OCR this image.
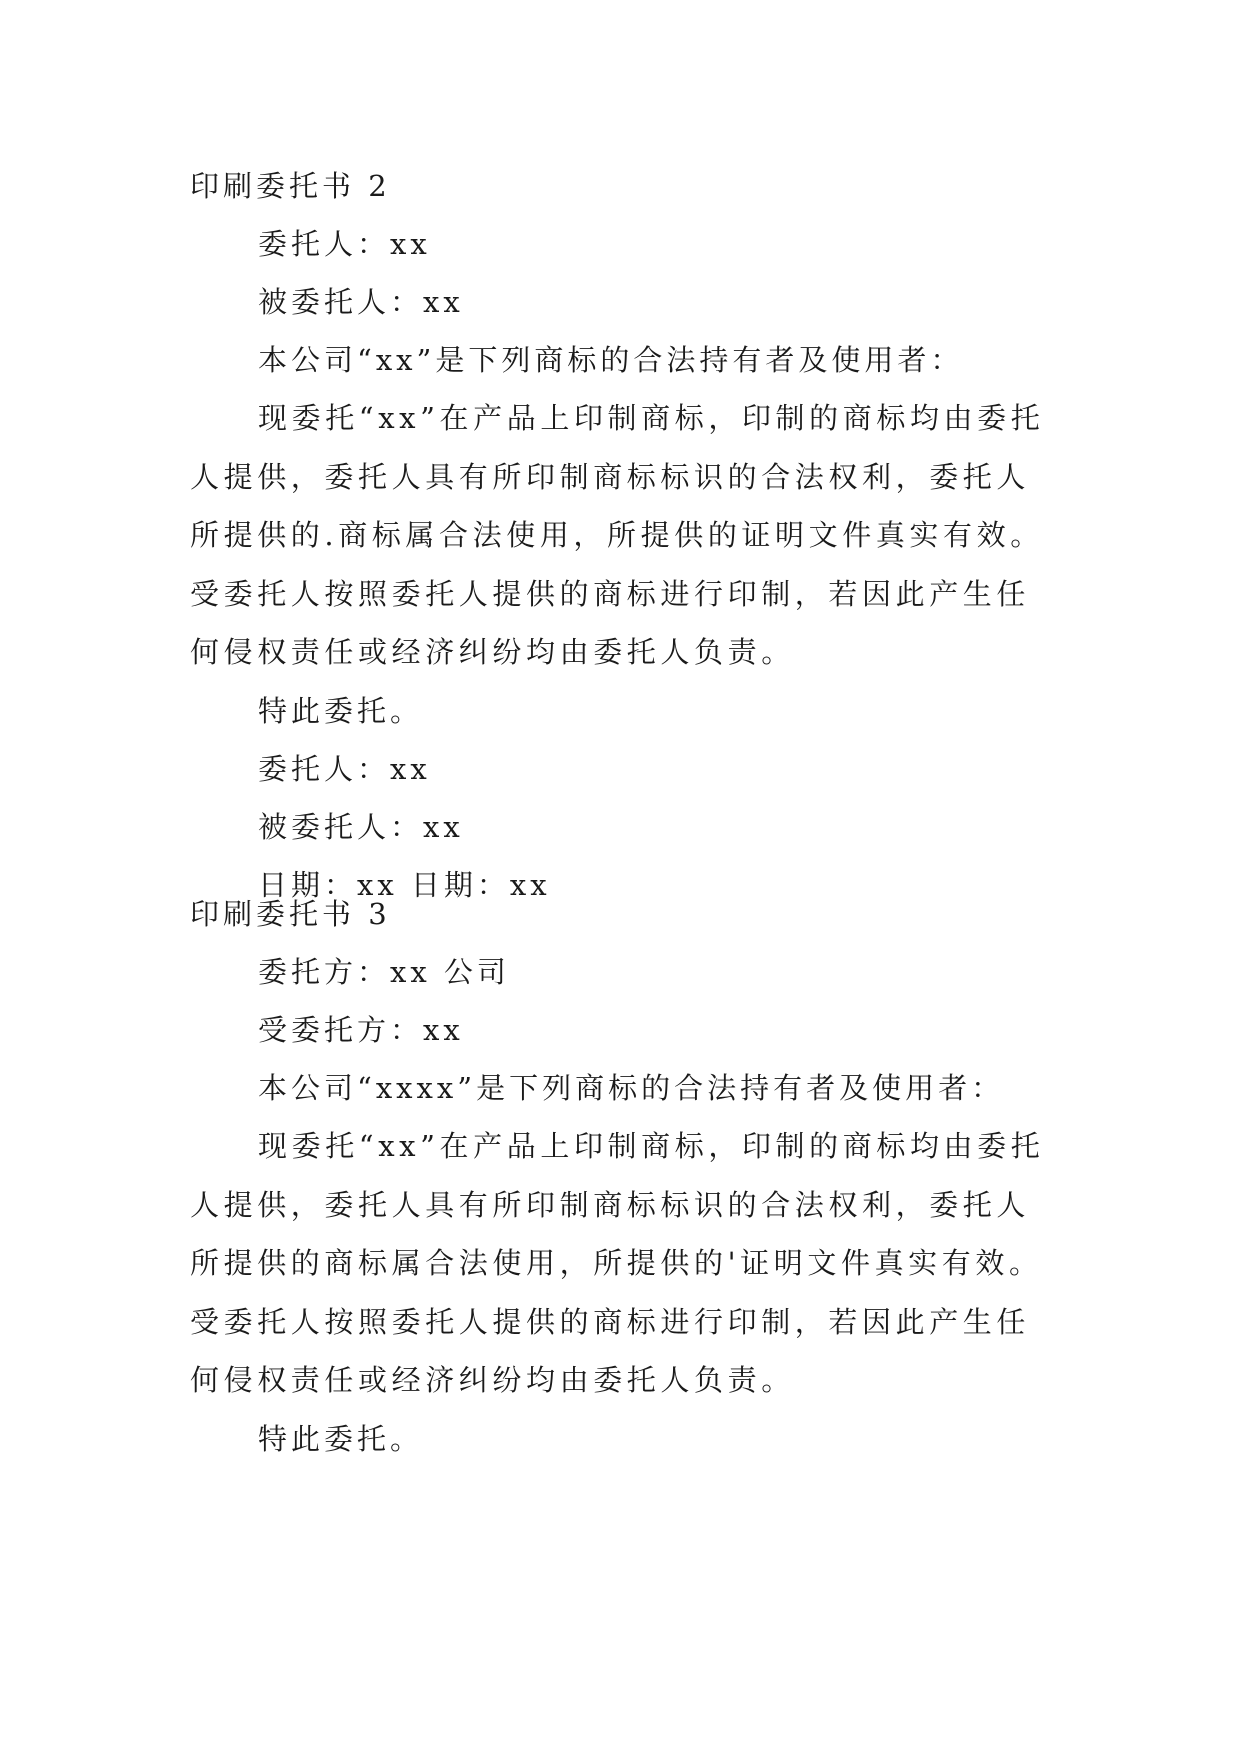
印刷委托书 2

委托人：xx

被委托人：xx

本公司“xx”是下列商标的合法持有者及使用者：

现委托“xx”在产品上印制商标，印制的商标均由委托人提供，委托人具有所印制商标标识的合法权利，委托人所提供的.商标属合法使用，所提供的证明文件真实有效。受委托人按照委托人提供的商标进行印制，若因此产生任何侵权责任或经济纠纷均由委托人负责。

特此委托。

委托人：xx

被委托人：xx

日期：xx 日期：xx

印刷委托书 3

委托方：xx 公司

受委托方：xx

本公司“xxxx”是下列商标的合法持有者及使用者：

现委托“xx”在产品上印制商标，印制的商标均由委托人提供，委托人具有所印制商标标识的合法权利，委托人所提供的商标属合法使用，所提供的'证明文件真实有效。受委托人按照委托人提供的商标进行印制，若因此产生任何侵权责任或经济纠纷均由委托人负责。

特此委托。
